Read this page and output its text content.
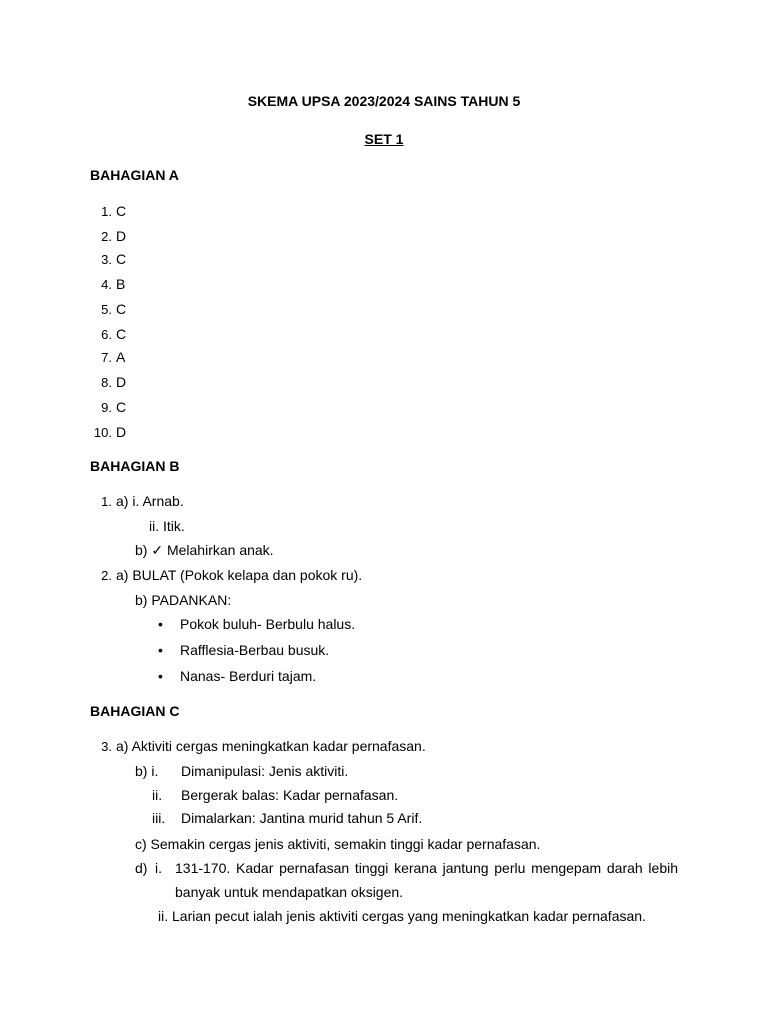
SKEMA UPSA 2023/2024 SAINS TAHUN 5
SET 1
BAHAGIAN A
1. C
2. D
3. C
4. B
5. C
6. C
7. A
8. D
9. C
10. D
BAHAGIAN B
1. a) i. Arnab.
ii. Itik.
b) ✓ Melahirkan anak.
2. a) BULAT (Pokok kelapa dan pokok ru).
b) PADANKAN:
• Pokok buluh- Berbulu halus.
• Rafflesia-Berbau busuk.
• Nanas- Berduri tajam.
BAHAGIAN C
3. a) Aktiviti cergas meningkatkan kadar pernafasan.
b) i. Dimanipulasi: Jenis aktiviti.
ii. Bergerak balas: Kadar pernafasan.
iii. Dimalarkan: Jantina murid tahun 5 Arif.
c) Semakin cergas jenis aktiviti, semakin tinggi kadar pernafasan.
d) i. 131-170. Kadar pernafasan tinggi kerana jantung perlu mengepam darah lebih
banyak untuk mendapatkan oksigen.
ii. Larian pecut ialah jenis aktiviti cergas yang meningkatkan kadar pernafasan.
